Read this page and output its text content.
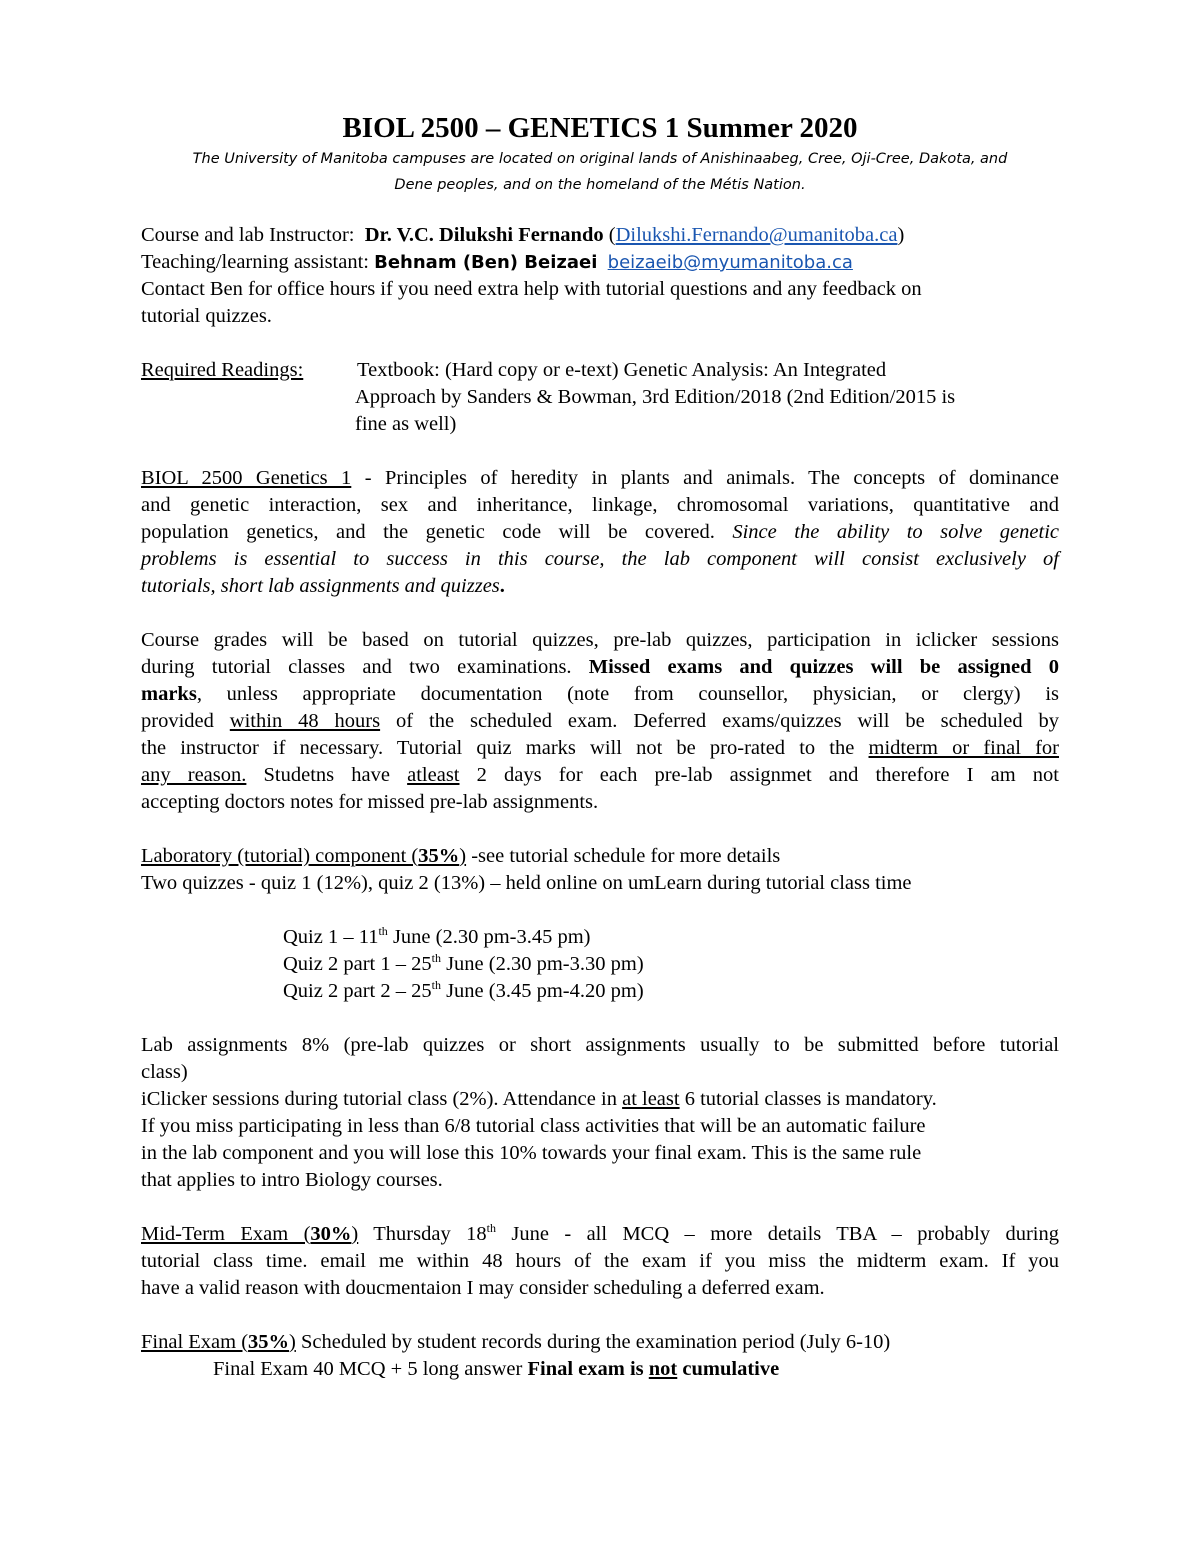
BIOL 2500 – GENETICS 1 Summer 2020
The University of Manitoba campuses are located on original lands of Anishinaabeg, Cree, Oji-Cree, Dakota, and
Dene peoples, and on the homeland of the Métis Nation.
Course and lab Instructor: Dr. V.C. Dilukshi Fernando (Dilukshi.Fernando@umanitoba.ca)
Teaching/learning assistant: Behnam (Ben) Beizaei beizaeib@myumanitoba.ca
Contact Ben for office hours if you need extra help with tutorial questions and any feedback on
tutorial quizzes.
Required Readings:	Textbook: (Hard copy or e-text) Genetic Analysis: An Integrated
Approach by Sanders & Bowman, 3rd Edition/2018 (2nd Edition/2015 is
fine as well)
BIOL 2500 Genetics 1 - Principles of heredity in plants and animals. The concepts of dominance
and genetic interaction, sex and inheritance, linkage, chromosomal variations, quantitative and
population genetics, and the genetic code will be covered. Since the ability to solve genetic
problems is essential to success in this course, the lab component will consist exclusively of
tutorials, short lab assignments and quizzes.
Course grades will be based on tutorial quizzes, pre-lab quizzes, participation in iclicker sessions
during tutorial classes and two examinations. Missed exams and quizzes will be assigned 0
marks, unless appropriate documentation (note from counsellor, physician, or clergy) is
provided within 48 hours of the scheduled exam. Deferred exams/quizzes will be scheduled by
the instructor if necessary. Tutorial quiz marks will not be pro-rated to the midterm or final for
any reason. Studetns have atleast 2 days for each pre-lab assignmet and therefore I am not
accepting doctors notes for missed pre-lab assignments.
Laboratory (tutorial) component (35%) -see tutorial schedule for more details
Two quizzes - quiz 1 (12%), quiz 2 (13%) – held online on umLearn during tutorial class time
Quiz 1 – 11th June (2.30 pm-3.45 pm)
Quiz 2 part 1 – 25th June (2.30 pm-3.30 pm)
Quiz 2 part 2 – 25th June (3.45 pm-4.20 pm)
Lab assignments 8% (pre-lab quizzes or short assignments usually to be submitted before tutorial
class)
iClicker sessions during tutorial class (2%). Attendance in at least 6 tutorial classes is mandatory.
If you miss participating in less than 6/8 tutorial class activities that will be an automatic failure
in the lab component and you will lose this 10% towards your final exam. This is the same rule
that applies to intro Biology courses.
Mid-Term Exam (30%) Thursday 18th June - all MCQ – more details TBA – probably during
tutorial class time. email me within 48 hours of the exam if you miss the midterm exam. If you
have a valid reason with doucmentaion I may consider scheduling a deferred exam.
Final Exam (35%) Scheduled by student records during the examination period (July 6-10)
Final Exam 40 MCQ + 5 long answer Final exam is not cumulative
